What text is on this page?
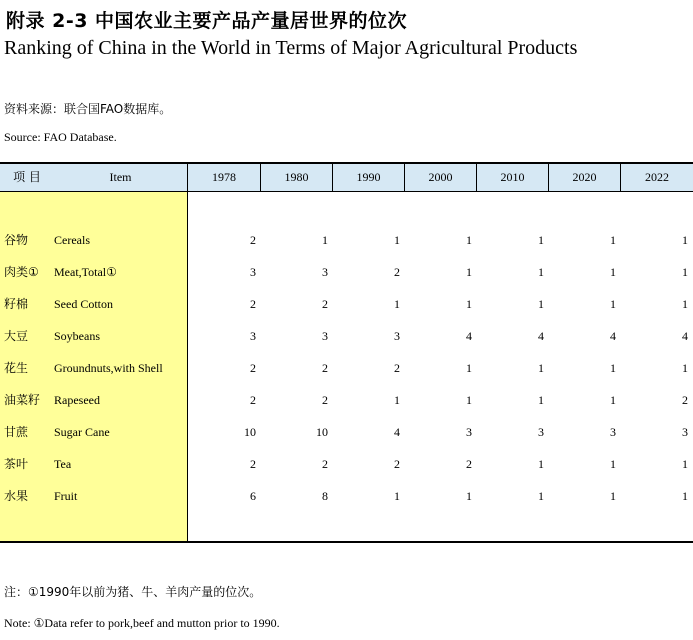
附录 2-3 中国农业主要产品产量居世界的位次
Ranking of China in the World in Terms of Major Agricultural Products
资料来源：联合国FAO数据库。
Source: FAO Database.
项 目	Item	1978	1980	1990	2000	2010	2020	2022
谷物 Cereals	2	1	1	1	1	1	1
肉类① Meat,Total①	3	3	2	1	1	1	1
籽棉 Seed Cotton	2	2	1	1	1	1	1
大豆 Soybeans	3	3	3	4	4	4	4
花生 Groundnuts,with Shell	2	2	2	1	1	1	1
油菜籽 Rapeseed	2	2	1	1	1	1	2
甘蔗 Sugar Cane	10	10	4	3	3	3	3
茶叶 Tea	2	2	2	2	1	1	1
水果 Fruit	6	8	1	1	1	1	1
注：①1990年以前为猪、牛、羊肉产量的位次。
Note: ①Data refer to pork,beef and mutton prior to 1990.
